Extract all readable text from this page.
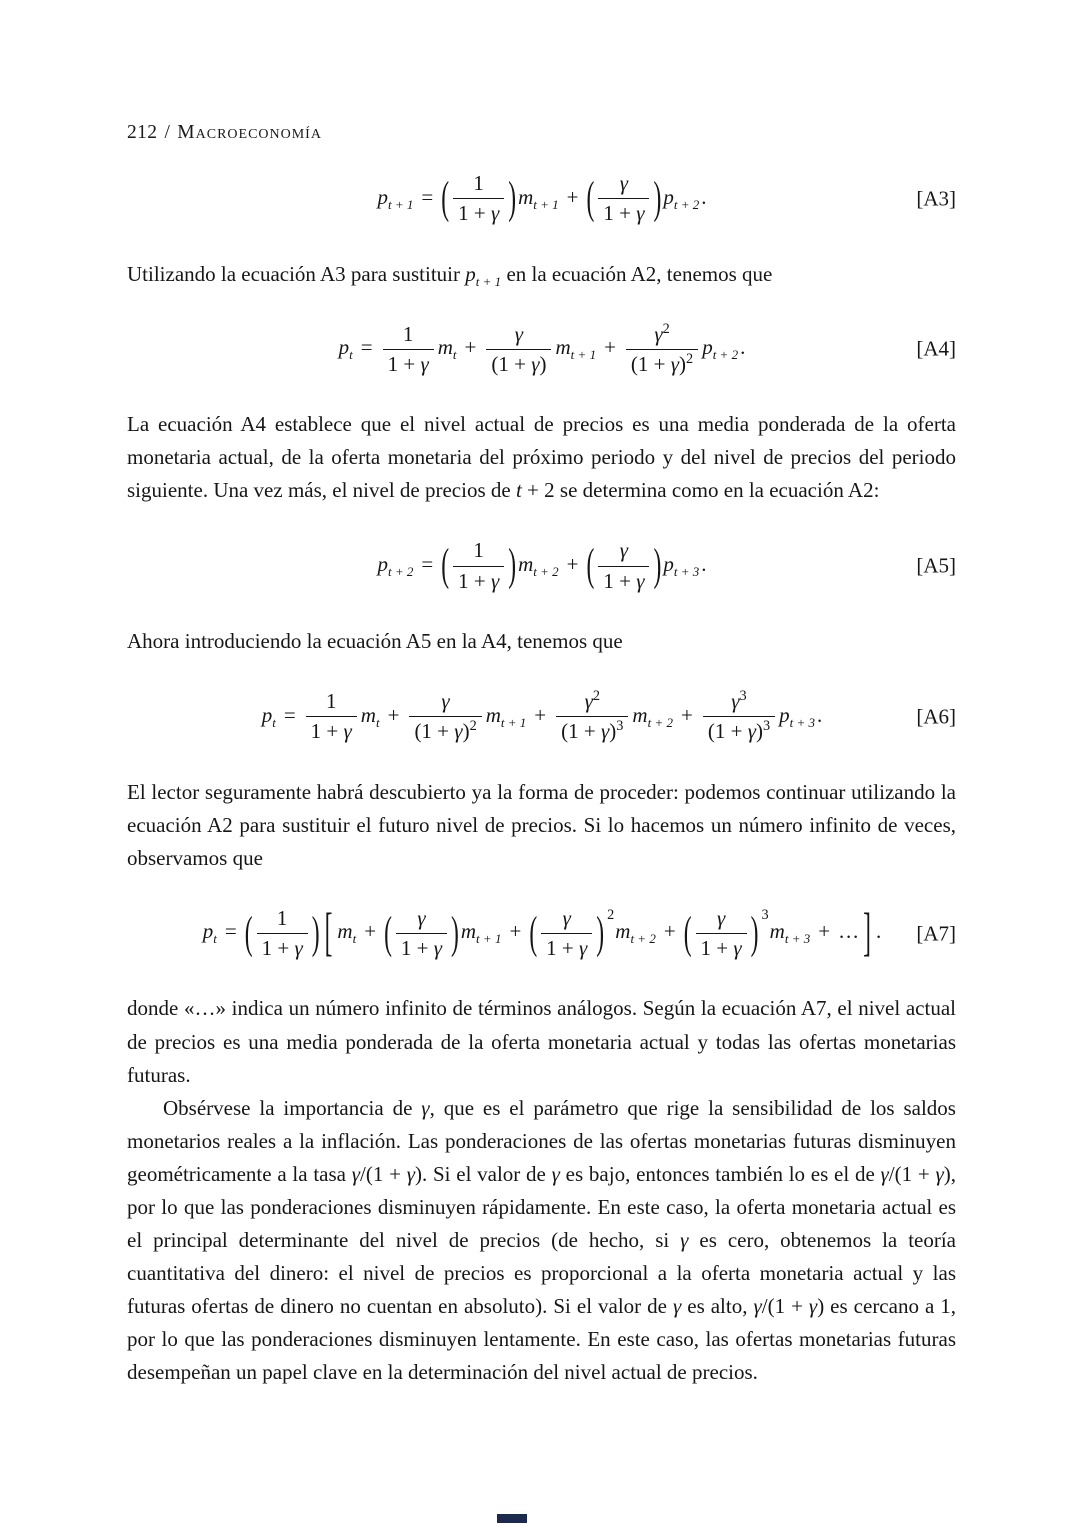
212 / Macroeconomía
$p_{t + 1}$ = ( $\frac{1}{1 + \gamma} )m_{t + 1}$ + ( $\frac{\gamma}{1 + \gamma} )p_{t + 2}$.	[A3]

Utilizando la ecuación A3 para sustituir $p_{t + 1}$ en la ecuación A2, tenemos que

$p_t = \frac{1}{1 + \gamma} m_t + \frac{\gamma}{(1 + \gamma)} m_{t + 1} + \frac{\gamma^2}{(1 + \gamma)^2} p_{t + 2}$.	[A4]

La ecuación A4 establece que el nivel actual de precios es una media ponderada de la oferta monetaria actual, de la oferta monetaria del próximo periodo y del nivel de precios del periodo siguiente. Una vez más, el nivel de precios de t + 2 se determina como en la ecuación A2:

$p_{t + 2}$ = ( $\frac{1}{1 + \gamma} )m_{t + 2}$ + ( $\frac{\gamma}{1 + \gamma} )p_{t + 3}$.	[A5]

Ahora introduciendo la ecuación A5 en la A4, tenemos que

$p_t = \frac{1}{1 + \gamma} m_t + \frac{\gamma}{(1 + \gamma)^2} m_{t + 1} + \frac{\gamma^2}{(1 + \gamma)^3} m_{t + 2} + \frac{\gamma^3}{(1 + \gamma)^3} p_{t + 3}$.	[A6]

El lector seguramente habrá descubierto ya la forma de proceder: podemos continuar utilizando la ecuación A2 para sustituir el futuro nivel de precios. Si lo hacemos un número infinito de veces, observamos que

$p_t$ = ( $\frac{1}{1 + \gamma}$ ) [ $m_t$ + ( $\frac{\gamma}{1 + \gamma} )m_{t + 1}$ + ( $\frac{\gamma}{1 + \gamma}$ ) $^2m_{t + 2}$ + ( $\frac{\gamma}{1 + \gamma}$ ) $^3m_{t + 3}$ + … ] . [A7]

donde «…» indica un número infinito de términos análogos. Según la ecuación A7, el nivel actual de precios es una media ponderada de la oferta monetaria actual y todas las ofertas monetarias futuras.

Obsérvese la importancia de γ, que es el parámetro que rige la sensibilidad de los saldos monetarios reales a la inflación. Las ponderaciones de las ofertas monetarias futuras disminuyen geométricamente a la tasa γ/(1 + γ). Si el valor de γ es bajo, entonces también lo es el de γ/(1 + γ), por lo que las ponderaciones disminuyen rápidamente. En este caso, la oferta monetaria actual es el principal determinante del nivel de precios (de hecho, si γ es cero, obtenemos la teoría cuantitativa del dinero: el nivel de precios es proporcional a la oferta monetaria actual y las futuras ofertas de dinero no cuentan en absoluto). Si el valor de γ es alto, γ/(1 + γ) es cercano a 1, por lo que las ponderaciones disminuyen lentamente. En este caso, las ofertas monetarias futuras desempeñan un papel clave en la determinación del nivel actual de precios.
